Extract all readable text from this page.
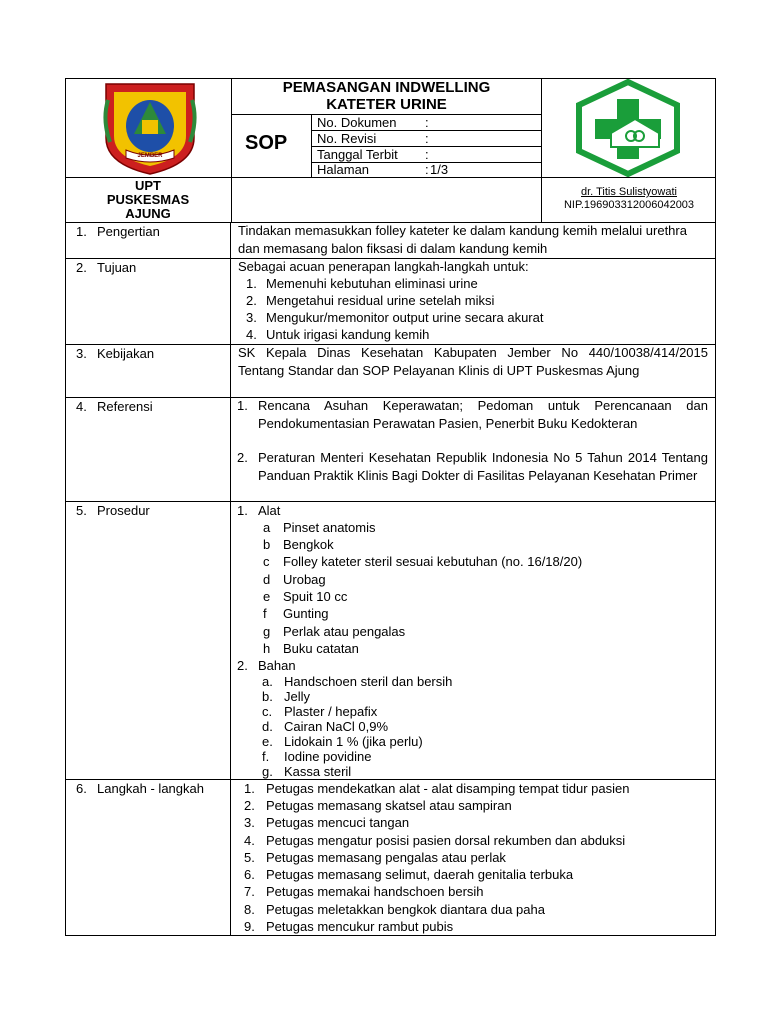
JEMBER
PEMASANGAN INDWELLING
KATETER URINE
SOP
No. Dokumen :
No. Revisi	:
Tanggal Terbit :
Halaman	: 1/3
UPT
PUSKESMAS
AJUNG
dr. Titis Sulistyowati
NIP.196903312006042003
1. Pengertian
2. Tujuan
3. Kebijakan
4. Referensi
5. Prosedur
6. Langkah - langkah
Tindakan memasukkan folley kateter ke dalam kandung kemih melalui urethra dan memasang balon fiksasi di dalam kandung kemih
Sebagai acuan penerapan langkah-langkah untuk:
1. Memenuhi kebutuhan eliminasi urine
2. Mengetahui residual urine setelah miksi
3. Mengukur/memonitor output urine secara akurat
4. Untuk irigasi kandung kemih
SK Kepala Dinas Kesehatan Kabupaten Jember No 440/10038/414/2015 Tentang Standar dan SOP Pelayanan Klinis di UPT Puskesmas Ajung
1. Rencana Asuhan Keperawatan; Pedoman untuk Perencanaan dan Pendokumentasian Perawatan Pasien, Penerbit Buku Kedokteran
2. Peraturan Menteri Kesehatan Republik Indonesia No 5 Tahun 2014 Tentang Panduan Praktik Klinis Bagi Dokter di Fasilitas Pelayanan Kesehatan Primer
1. Alat
a Pinset anatomis
b Bengkok
c Folley kateter steril sesuai kebutuhan (no. 16/18/20)
d Urobag
e Spuit 10 cc
f Gunting
g Perlak atau pengalas
h Buku catatan
2. Bahan
a. Handschoen steril dan bersih
b. Jelly
c. Plaster / hepafix
d. Cairan NaCl 0,9%
e. Lidokain 1 % (jika perlu)
f. Iodine povidine
g. Kassa steril
1. Petugas mendekatkan alat - alat disamping tempat tidur pasien
2. Petugas memasang skatsel atau sampiran
3. Petugas mencuci tangan
4. Petugas mengatur posisi pasien dorsal rekumben dan abduksi
5. Petugas memasang pengalas atau perlak
6. Petugas memasang selimut, daerah genitalia terbuka
7. Petugas memakai handschoen bersih
8. Petugas meletakkan bengkok diantara dua paha
9. Petugas mencukur rambut pubis
